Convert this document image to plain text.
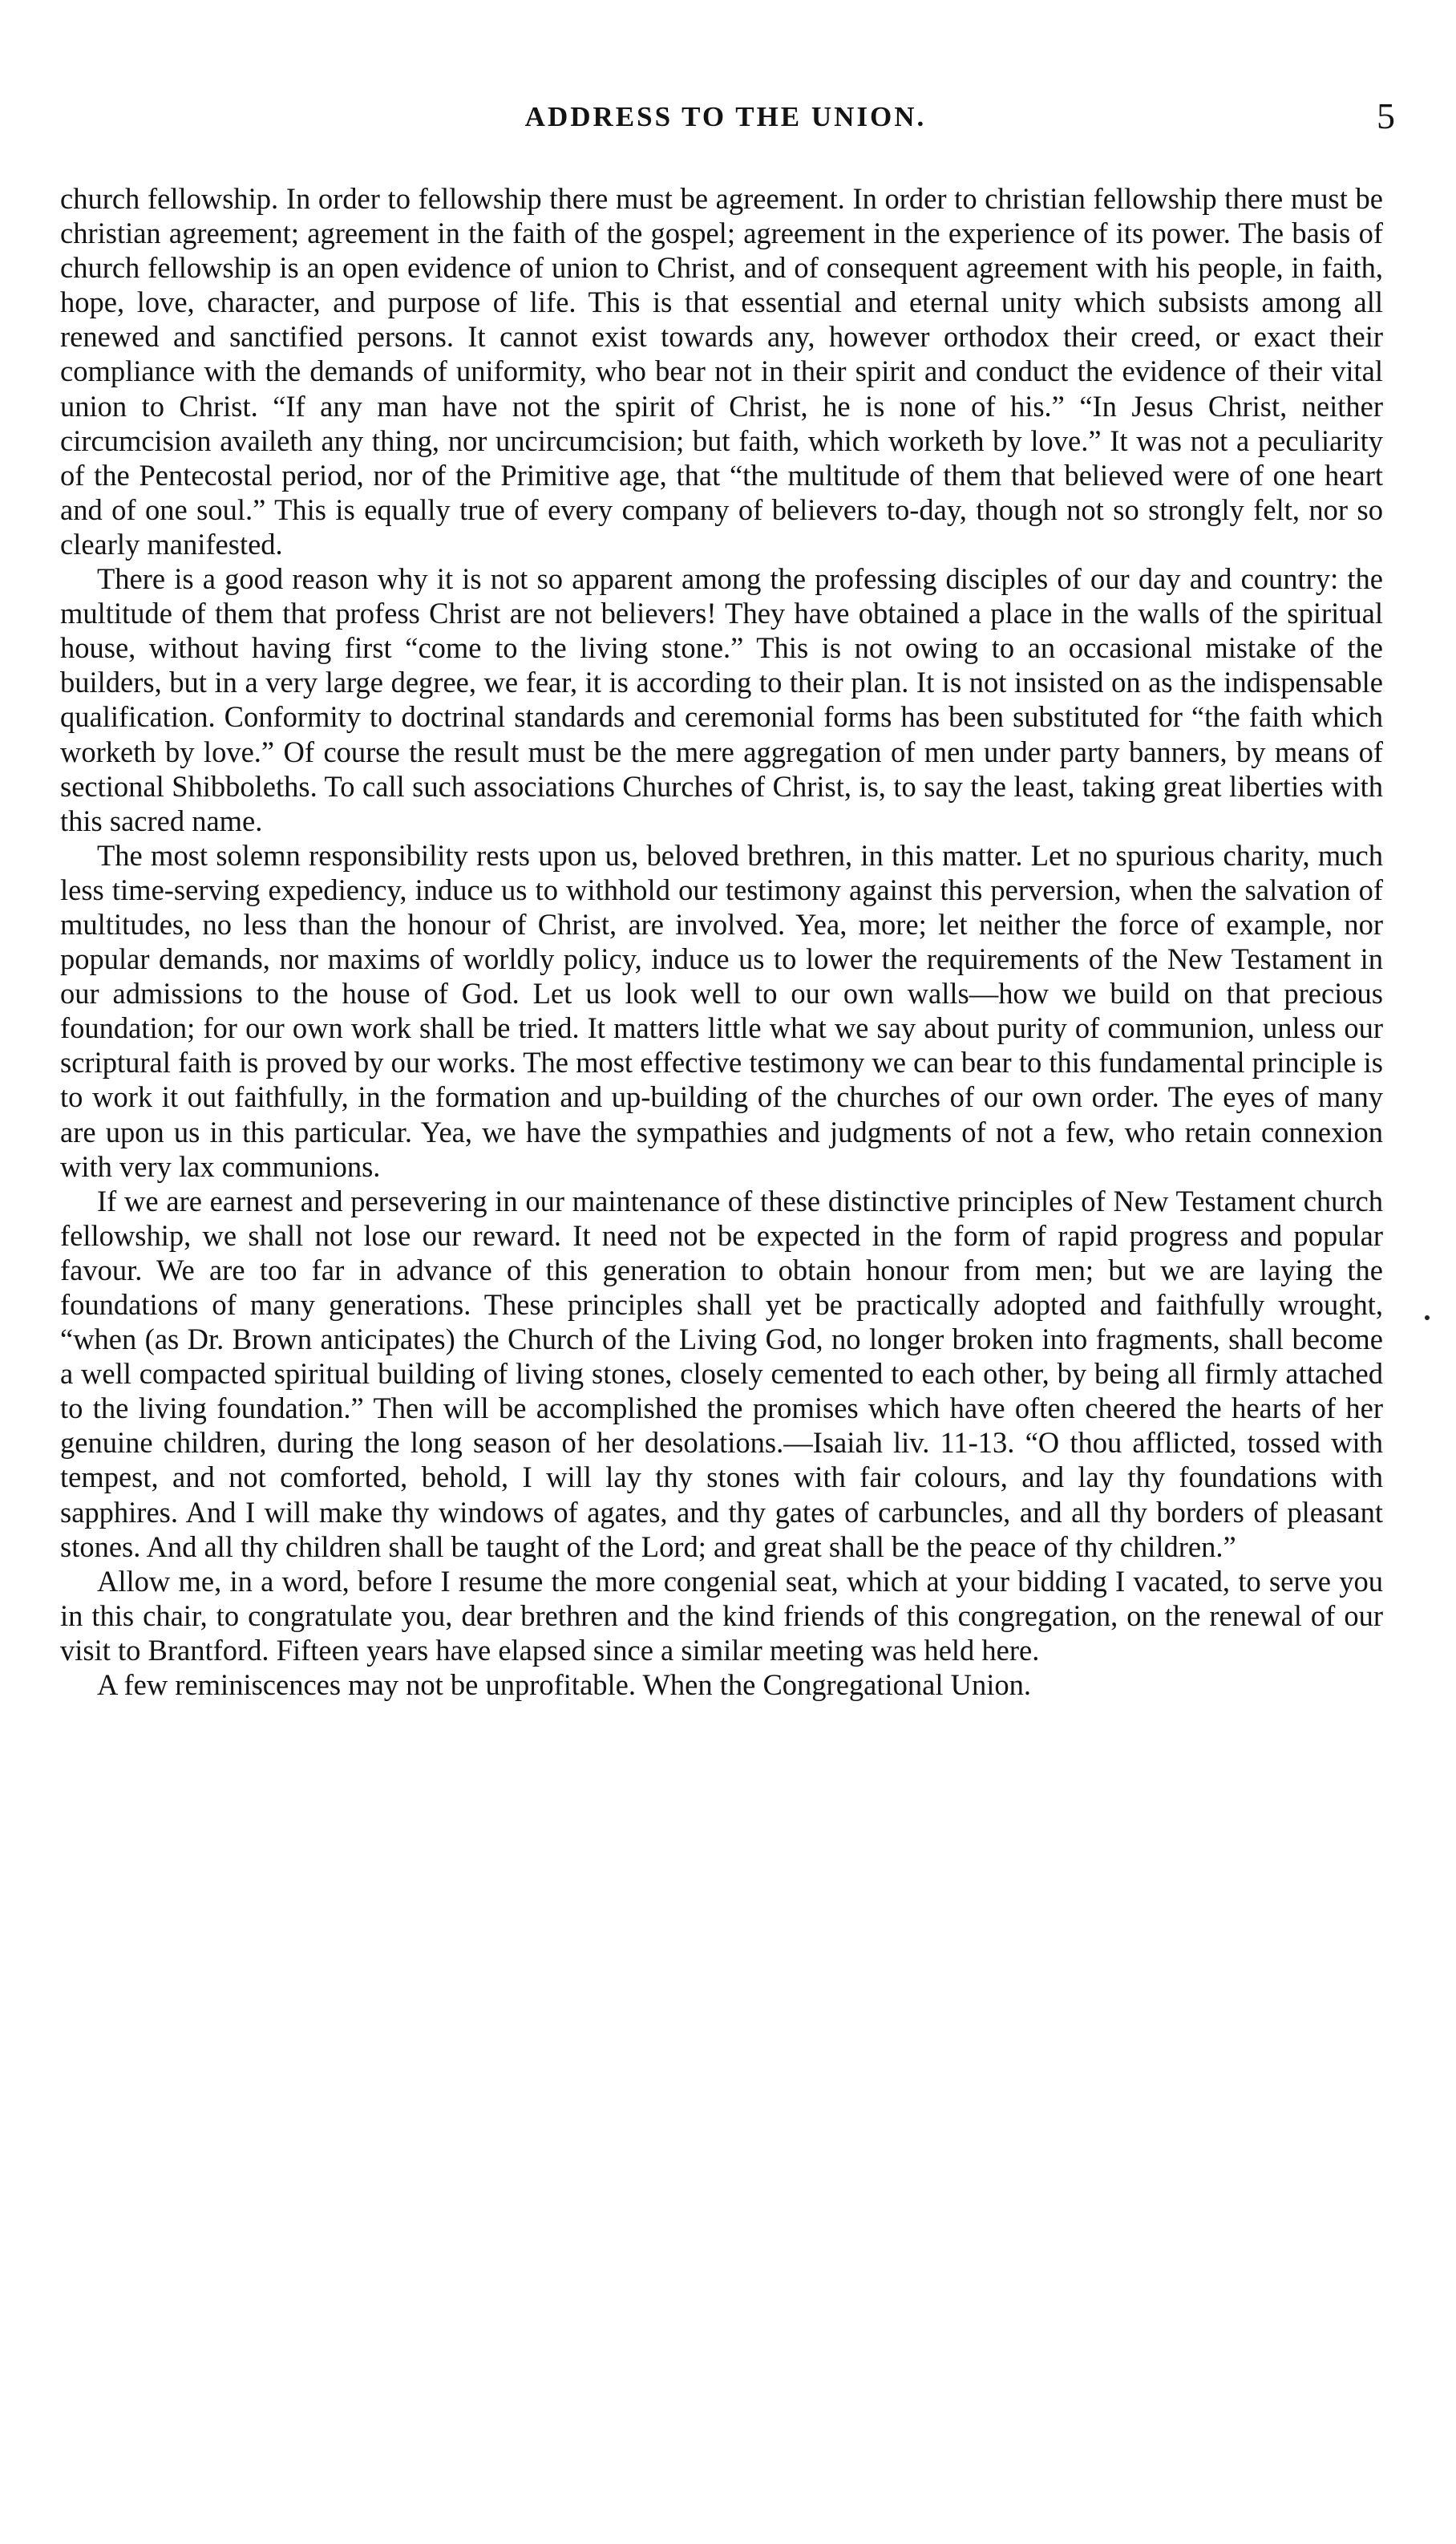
ADDRESS TO THE UNION.	5

church fellowship. In order to fellowship there must be agreement. In order to christian fellowship there must be christian agreement; agreement in the faith of the gospel; agreement in the experience of its power. The basis of church fellowship is an open evidence of union to Christ, and of consequent agreement with his people, in faith, hope, love, character, and purpose of life. This is that essential and eternal unity which subsists among all renewed and sanctified persons. It cannot exist towards any, however orthodox their creed, or exact their compliance with the demands of uniformity, who bear not in their spirit and conduct the evidence of their vital union to Christ. “If any man have not the spirit of Christ, he is none of his.” “In Jesus Christ, neither circumcision availeth any thing, nor uncircumcision; but faith, which worketh by love.” It was not a peculiarity of the Pentecostal period, nor of the Primitive age, that “the multitude of them that believed were of one heart and of one soul.” This is equally true of every company of believers to-day, though not so strongly felt, nor so clearly manifested.

There is a good reason why it is not so apparent among the professing disciples of our day and country: the multitude of them that profess Christ are not believers! They have obtained a place in the walls of the spiritual house, without having first “come to the living stone.” This is not owing to an occasional mistake of the builders, but in a very large degree, we fear, it is according to their plan. It is not insisted on as the indispensable qualification. Conformity to doctrinal standards and ceremonial forms has been substituted for “the faith which worketh by love.” Of course the result must be the mere aggregation of men under party banners, by means of sectional Shibboleths. To call such associations Churches of Christ, is, to say the least, taking great liberties with this sacred name.

The most solemn responsibility rests upon us, beloved brethren, in this matter. Let no spurious charity, much less time-serving expediency, induce us to withhold our testimony against this perversion, when the salvation of multitudes, no less than the honour of Christ, are involved. Yea, more; let neither the force of example, nor popular demands, nor maxims of worldly policy, induce us to lower the requirements of the New Testament in our admissions to the house of God. Let us look well to our own walls—how we build on that precious foundation; for our own work shall be tried. It matters little what we say about purity of communion, unless our scriptural faith is proved by our works. The most effective testimony we can bear to this fundamental principle is to work it out faithfully, in the formation and up-building of the churches of our own order. The eyes of many are upon us in this particular. Yea, we have the sympathies and judgments of not a few, who retain connexion with very lax communions.

If we are earnest and persevering in our maintenance of these distinctive principles of New Testament church fellowship, we shall not lose our reward. It need not be expected in the form of rapid progress and popular favour. We are too far in advance of this generation to obtain honour from men; but we are laying the foundations of many generations. These principles shall yet be practically adopted and faithfully wrought, “when (as Dr. Brown anticipates) the Church of the Living God, no longer broken into fragments, shall become a well compacted spiritual building of living stones, closely cemented to each other, by being all firmly attached to the living foundation.” Then will be accomplished the promises which have often cheered the hearts of her genuine children, during the long season of her desolations.—Isaiah liv. 11-13. “O thou afflicted, tossed with tempest, and not comforted, behold, I will lay thy stones with fair colours, and lay thy foundations with sapphires. And I will make thy windows of agates, and thy gates of carbuncles, and all thy borders of pleasant stones. And all thy children shall be taught of the Lord; and great shall be the peace of thy children.”

Allow me, in a word, before I resume the more congenial seat, which at your bidding I vacated, to serve you in this chair, to congratulate you, dear brethren and the kind friends of this congregation, on the renewal of our visit to Brantford. Fifteen years have elapsed since a similar meeting was held here.

A few reminiscences may not be unprofitable. When the Congregational Union.
